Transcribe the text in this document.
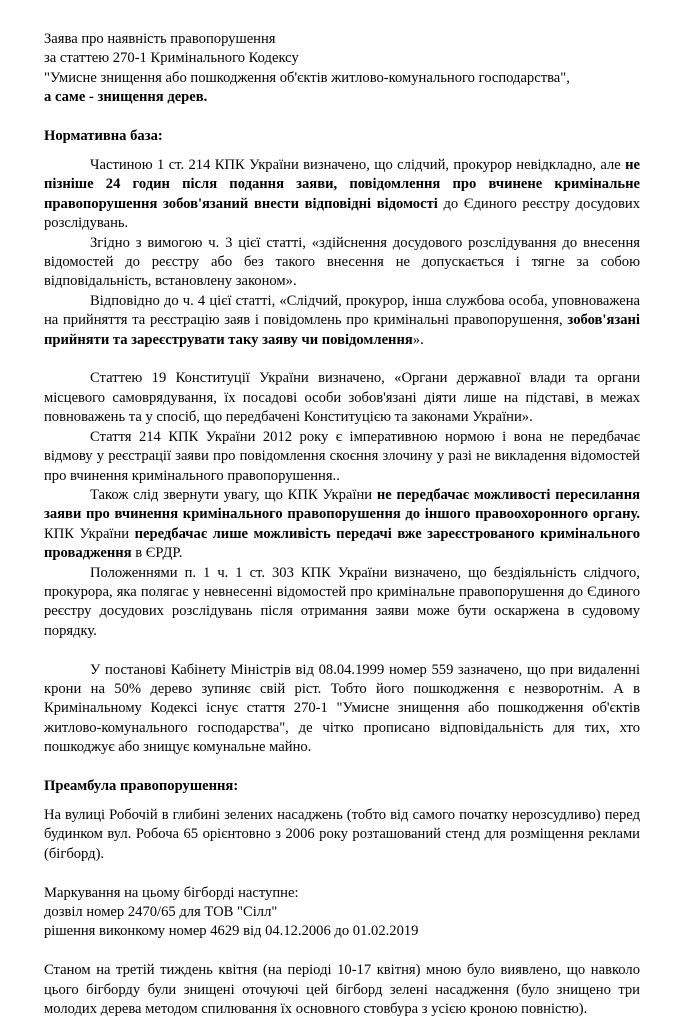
Заява про наявність правопорушення
за статтею 270-1 Кримінального Кодексу
"Умисне знищення або пошкодження об'єктів житлово-комунального господарства",
а саме - знищення дерев.
Нормативна база:

Частиною 1 ст. 214 КПК України визначено, що слідчий, прокурор невідкладно, але не пізніше 24 годин після подання заяви, повідомлення про вчинене кримінальне правопорушення зобов'язаний внести відповідні відомості до Єдиного реєстру досудових розслідувань.

Згідно з вимогою ч. 3 цієї статті, «здійснення досудового розслідування до внесення відомостей до реєстру або без такого внесення не допускається і тягне за собою відповідальність, встановлену законом».

Відповідно до ч. 4 цієї статті, «Слідчий, прокурор, інша службова особа, уповноважена на прийняття та реєстрацію заяв і повідомлень про кримінальні правопорушення, зобов'язані прийняти та зареєструвати таку заяву чи повідомлення».

Статтею 19 Конституції України визначено, «Органи державної влади та органи місцевого самоврядування, їх посадові особи зобов'язані діяти лише на підставі, в межах повноважень та у спосіб, що передбачені Конституцією та законами України».

Стаття 214 КПК України 2012 року є імперативною нормою і вона не передбачає відмову у реєстрації заяви про повідомлення скоєння злочину у разі не викладення відомостей про вчинення кримінального правопорушення..

Також слід звернути увагу, що КПК України не передбачає можливості пересилання заяви про вчинення кримінального правопорушення до іншого правоохоронного органу. КПК України передбачає лише можливість передачі вже зареєстрованого кримінального провадження в ЄРДР.

Положеннями п. 1 ч. 1 ст. 303 КПК України визначено, що бездіяльність слідчого, прокурора, яка полягає у невнесенні відомостей про кримінальне правопорушення до Єдиного реєстру досудових розслідувань після отримання заяви може бути оскаржена в судовому порядку.

У постанові Кабінету Міністрів від 08.04.1999 номер 559 зазначено, що при видаленні крони на 50% дерево зупиняє свій ріст. Тобто його пошкодження є незворотнім. А в Кримінальному Кодексі існує стаття 270-1 "Умисне знищення або пошкодження об'єктів житлово-комунального господарства", де чітко прописано відповідальність для тих, хто пошкоджує або знищує комунальне майно.

Преамбула правопорушення:

На вулиці Робочій в глибині зелених насаджень (тобто від самого початку нерозсудливо) перед будинком вул. Робоча 65 орієнтовно з 2006 року розташований стенд для розміщення реклами (бігборд).

Маркування на цьому бігборді наступне:

дозвіл номер 2470/65 для ТОВ "Сілл"

рішення виконкому номер 4629 від 04.12.2006 до 01.02.2019

Станом на третій тиждень квітня (на періоді 10-17 квітня) мною було виявлено, що навколо цього бігборду були знищені оточуючі цей бігборд зелені насадження (було знищено три молодих дерева методом спилювання їх основного стовбура з усією кроною повністю).
